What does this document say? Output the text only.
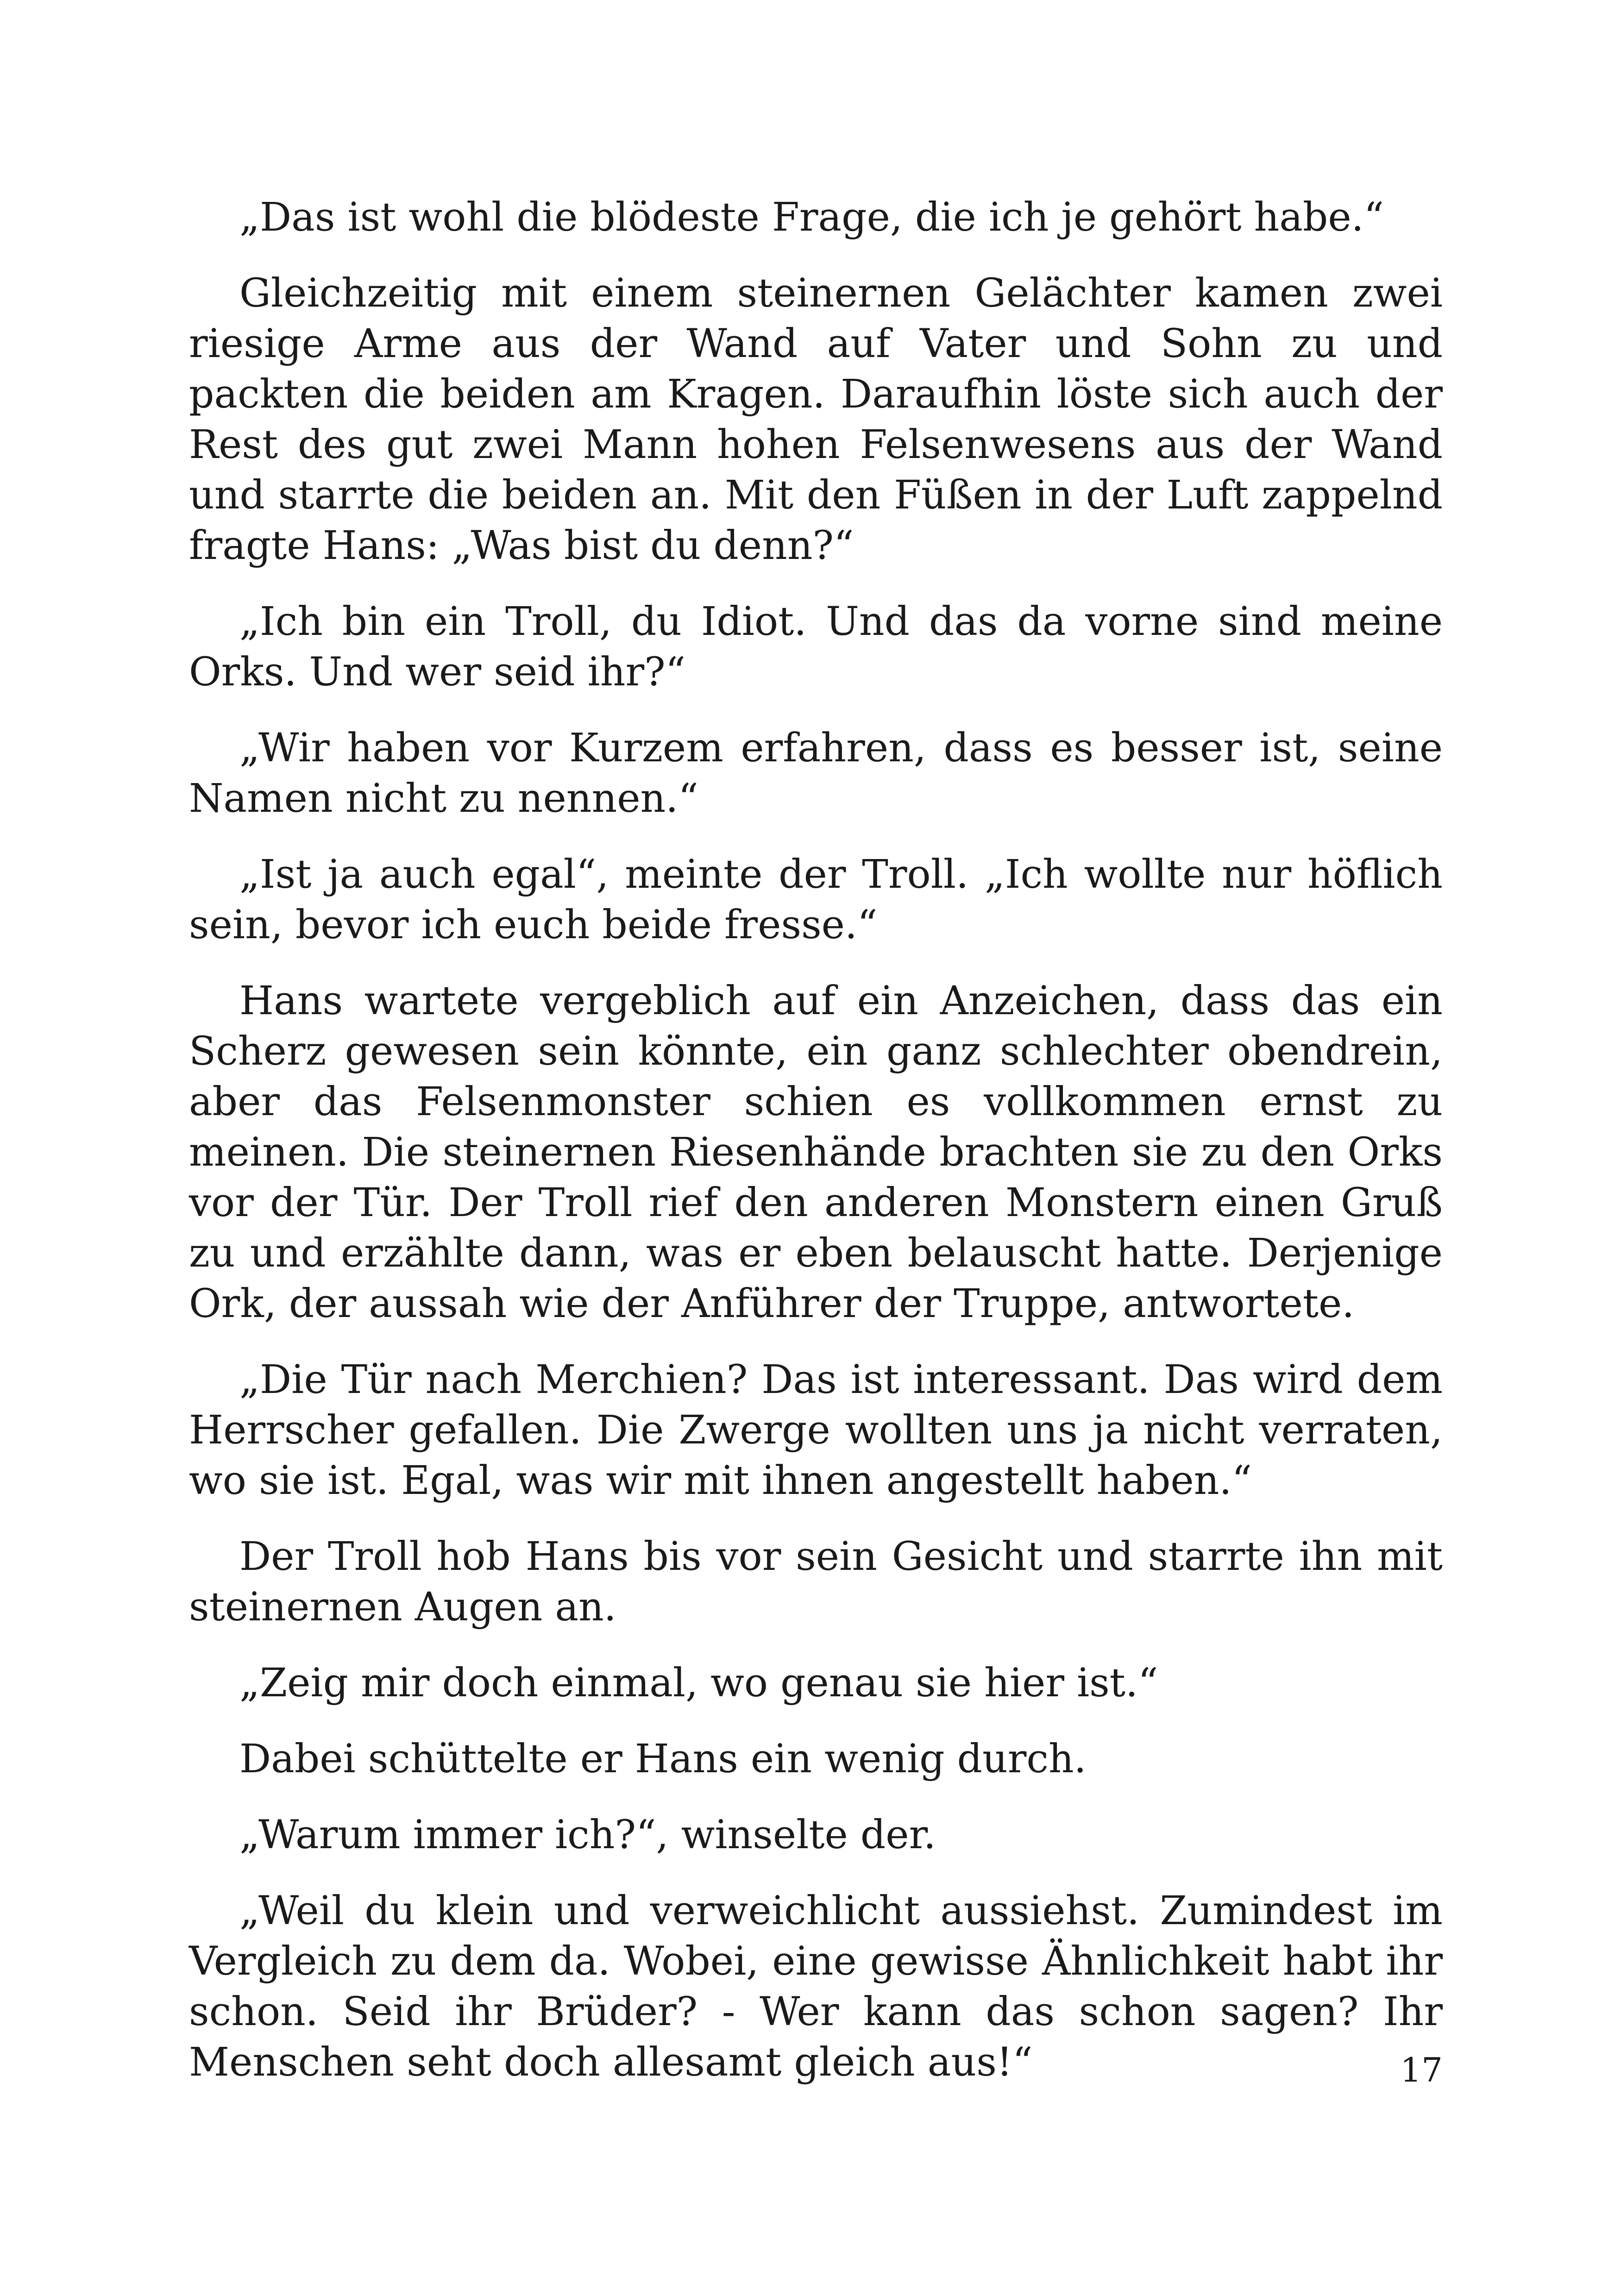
„Das ist wohl die blödeste Frage, die ich je gehört habe.“

Gleichzeitig mit einem steinernen Gelächter kamen zwei riesige Arme aus der Wand auf Vater und Sohn zu und packten die beiden am Kragen. Daraufhin löste sich auch der Rest des gut zwei Mann hohen Felsenwesens aus der Wand und starrte die beiden an. Mit den Füßen in der Luft zappelnd fragte Hans: „Was bist du denn?“

„Ich bin ein Troll, du Idiot. Und das da vorne sind meine Orks. Und wer seid ihr?“

„Wir haben vor Kurzem erfahren, dass es besser ist, seine Namen nicht zu nennen.“

„Ist ja auch egal“, meinte der Troll. „Ich wollte nur höflich sein, bevor ich euch beide fresse.“

Hans wartete vergeblich auf ein Anzeichen, dass das ein Scherz gewesen sein könnte, ein ganz schlechter obendrein, aber das Felsenmonster schien es vollkommen ernst zu meinen. Die steinernen Riesenhände brachten sie zu den Orks vor der Tür. Der Troll rief den anderen Monstern einen Gruß zu und erzählte dann, was er eben belauscht hatte. Derjenige Ork, der aussah wie der Anführer der Truppe, antwortete.

„Die Tür nach Merchien? Das ist interessant. Das wird dem Herrscher gefallen. Die Zwerge wollten uns ja nicht verraten, wo sie ist. Egal, was wir mit ihnen angestellt haben.“

Der Troll hob Hans bis vor sein Gesicht und starrte ihn mit steinernen Augen an.

„Zeig mir doch einmal, wo genau sie hier ist.“

Dabei schüttelte er Hans ein wenig durch.

„Warum immer ich?“, winselte der.

„Weil du klein und verweichlicht aussiehst. Zumindest im Vergleich zu dem da. Wobei, eine gewisse Ähnlichkeit habt ihr schon. Seid ihr Brüder? - Wer kann das schon sagen? Ihr Menschen seht doch allesamt gleich aus!“	17
